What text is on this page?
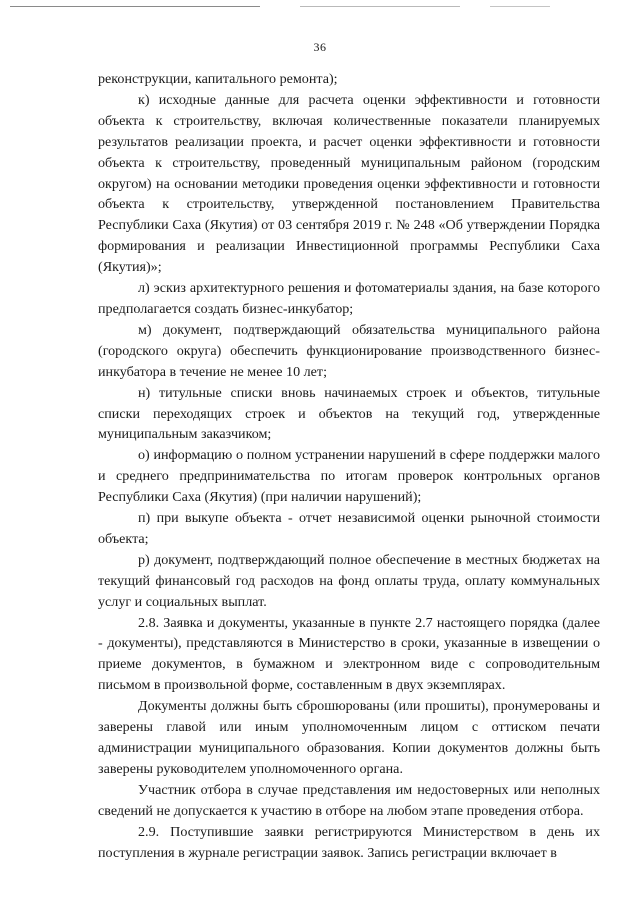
36

реконструкции, капитального ремонта);

к) исходные данные для расчета оценки эффективности и готовности объекта к строительству, включая количественные показатели планируемых результатов реализации проекта, и расчет оценки эффективности и готовности объекта к строительству, проведенный муниципальным районом (городским округом) на основании методики проведения оценки эффективности и готовности объекта к строительству, утвержденной постановлением Правительства Республики Саха (Якутия) от 03 сентября 2019 г. № 248 «Об утверждении Порядка формирования и реализации Инвестиционной программы Республики Саха (Якутия)»;

л) эскиз архитектурного решения и фотоматериалы здания, на базе которого предполагается создать бизнес-инкубатор;

м) документ, подтверждающий обязательства муниципального района (городского округа) обеспечить функционирование производственного бизнес-инкубатора в течение не менее 10 лет;

н) титульные списки вновь начинаемых строек и объектов, титульные списки переходящих строек и объектов на текущий год, утвержденные муниципальным заказчиком;

о) информацию о полном устранении нарушений в сфере поддержки малого и среднего предпринимательства по итогам проверок контрольных органов Республики Саха (Якутия) (при наличии нарушений);

п) при выкупе объекта - отчет независимой оценки рыночной стоимости объекта;

р) документ, подтверждающий полное обеспечение в местных бюджетах на текущий финансовый год расходов на фонд оплаты труда, оплату коммунальных услуг и социальных выплат.

2.8. Заявка и документы, указанные в пункте 2.7 настоящего порядка (далее - документы), представляются в Министерство в сроки, указанные в извещении о приеме документов, в бумажном и электронном виде с сопроводительным письмом в произвольной форме, составленным в двух экземплярах.

Документы должны быть сброшюрованы (или прошиты), пронумерованы и заверены главой или иным уполномоченным лицом с оттиском печати администрации муниципального образования. Копии документов должны быть заверены руководителем уполномоченного органа.

Участник отбора в случае представления им недостоверных или неполных сведений не допускается к участию в отборе на любом этапе проведения отбора.

2.9. Поступившие заявки регистрируются Министерством в день их поступления в журнале регистрации заявок. Запись регистрации включает в
